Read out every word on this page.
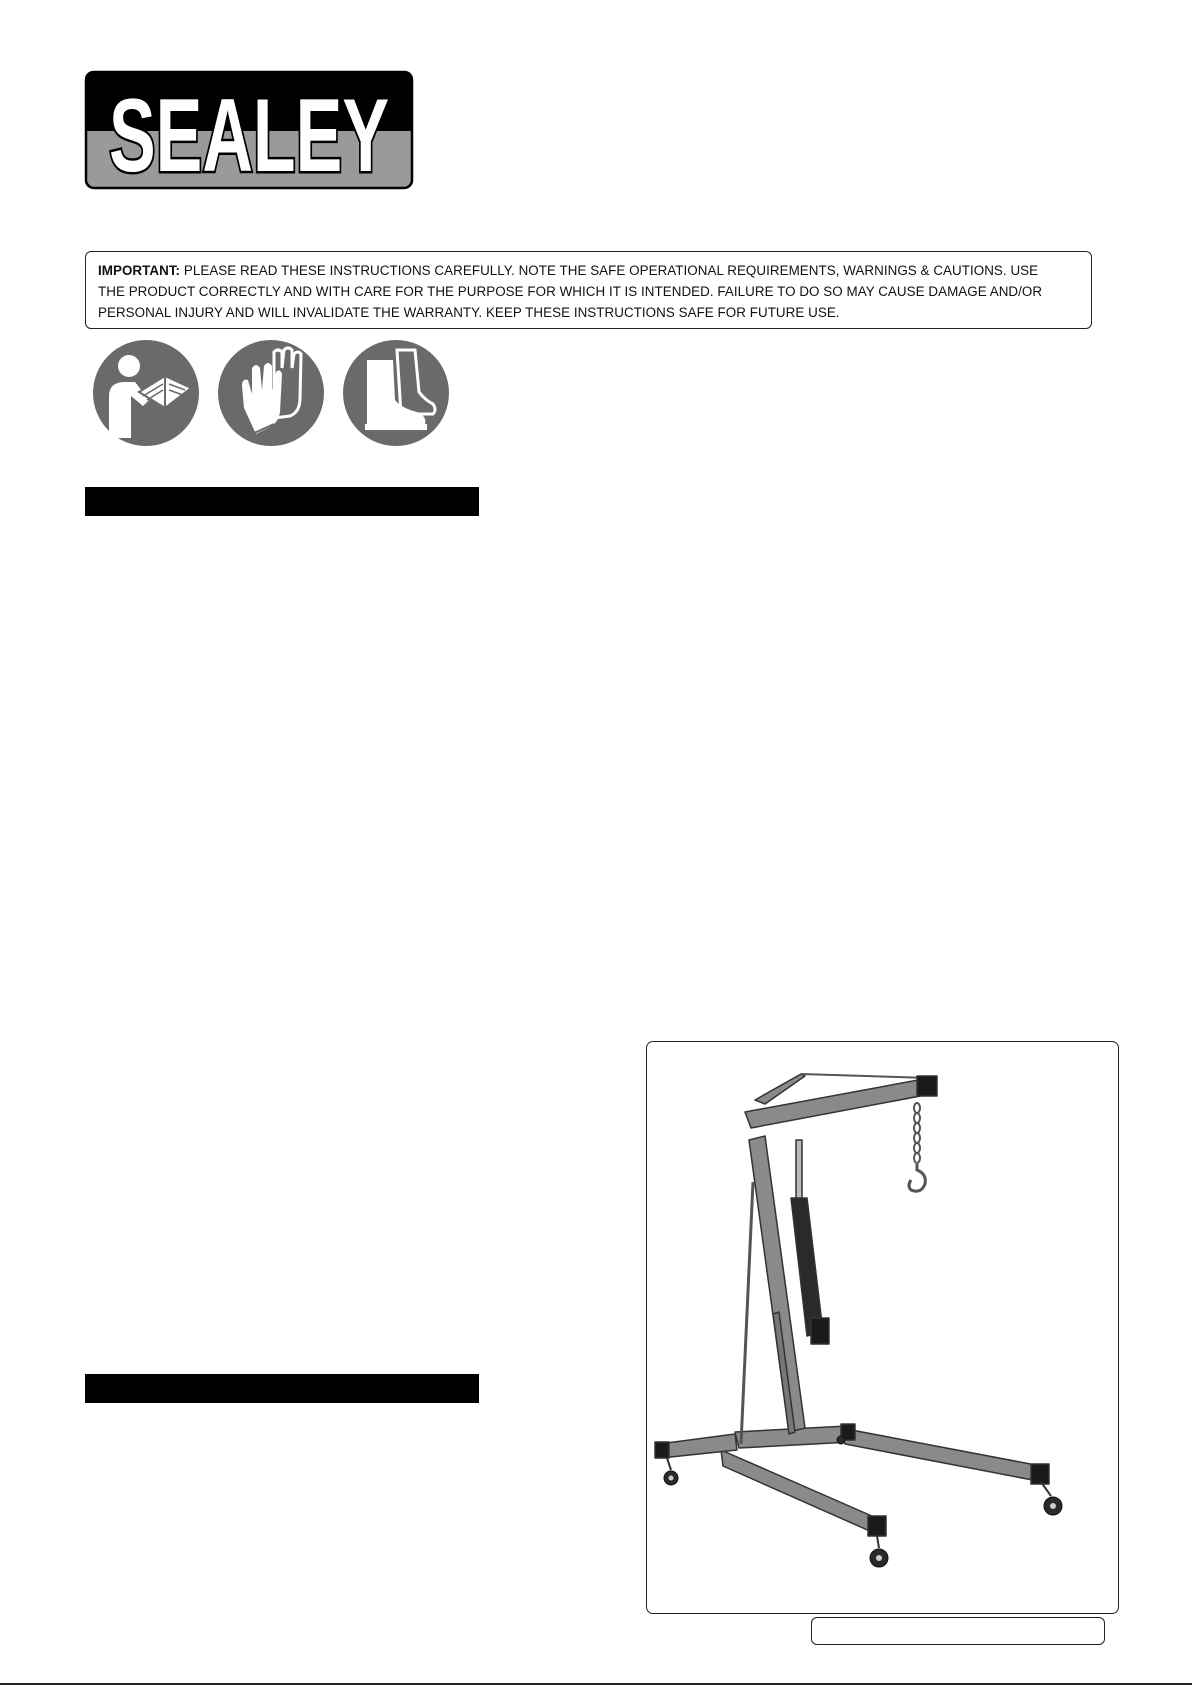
SEALEY
IMPORTANT: PLEASE READ THESE INSTRUCTIONS CAREFULLY. NOTE THE SAFE OPERATIONAL REQUIREMENTS, WARNINGS & CAUTIONS. USE
THE PRODUCT CORRECTLY AND WITH CARE FOR THE PURPOSE FOR WHICH IT IS INTENDED. FAILURE TO DO SO MAY CAUSE DAMAGE AND/OR
PERSONAL INJURY AND WILL INVALIDATE THE WARRANTY. KEEP THESE INSTRUCTIONS SAFE FOR FUTURE USE.
